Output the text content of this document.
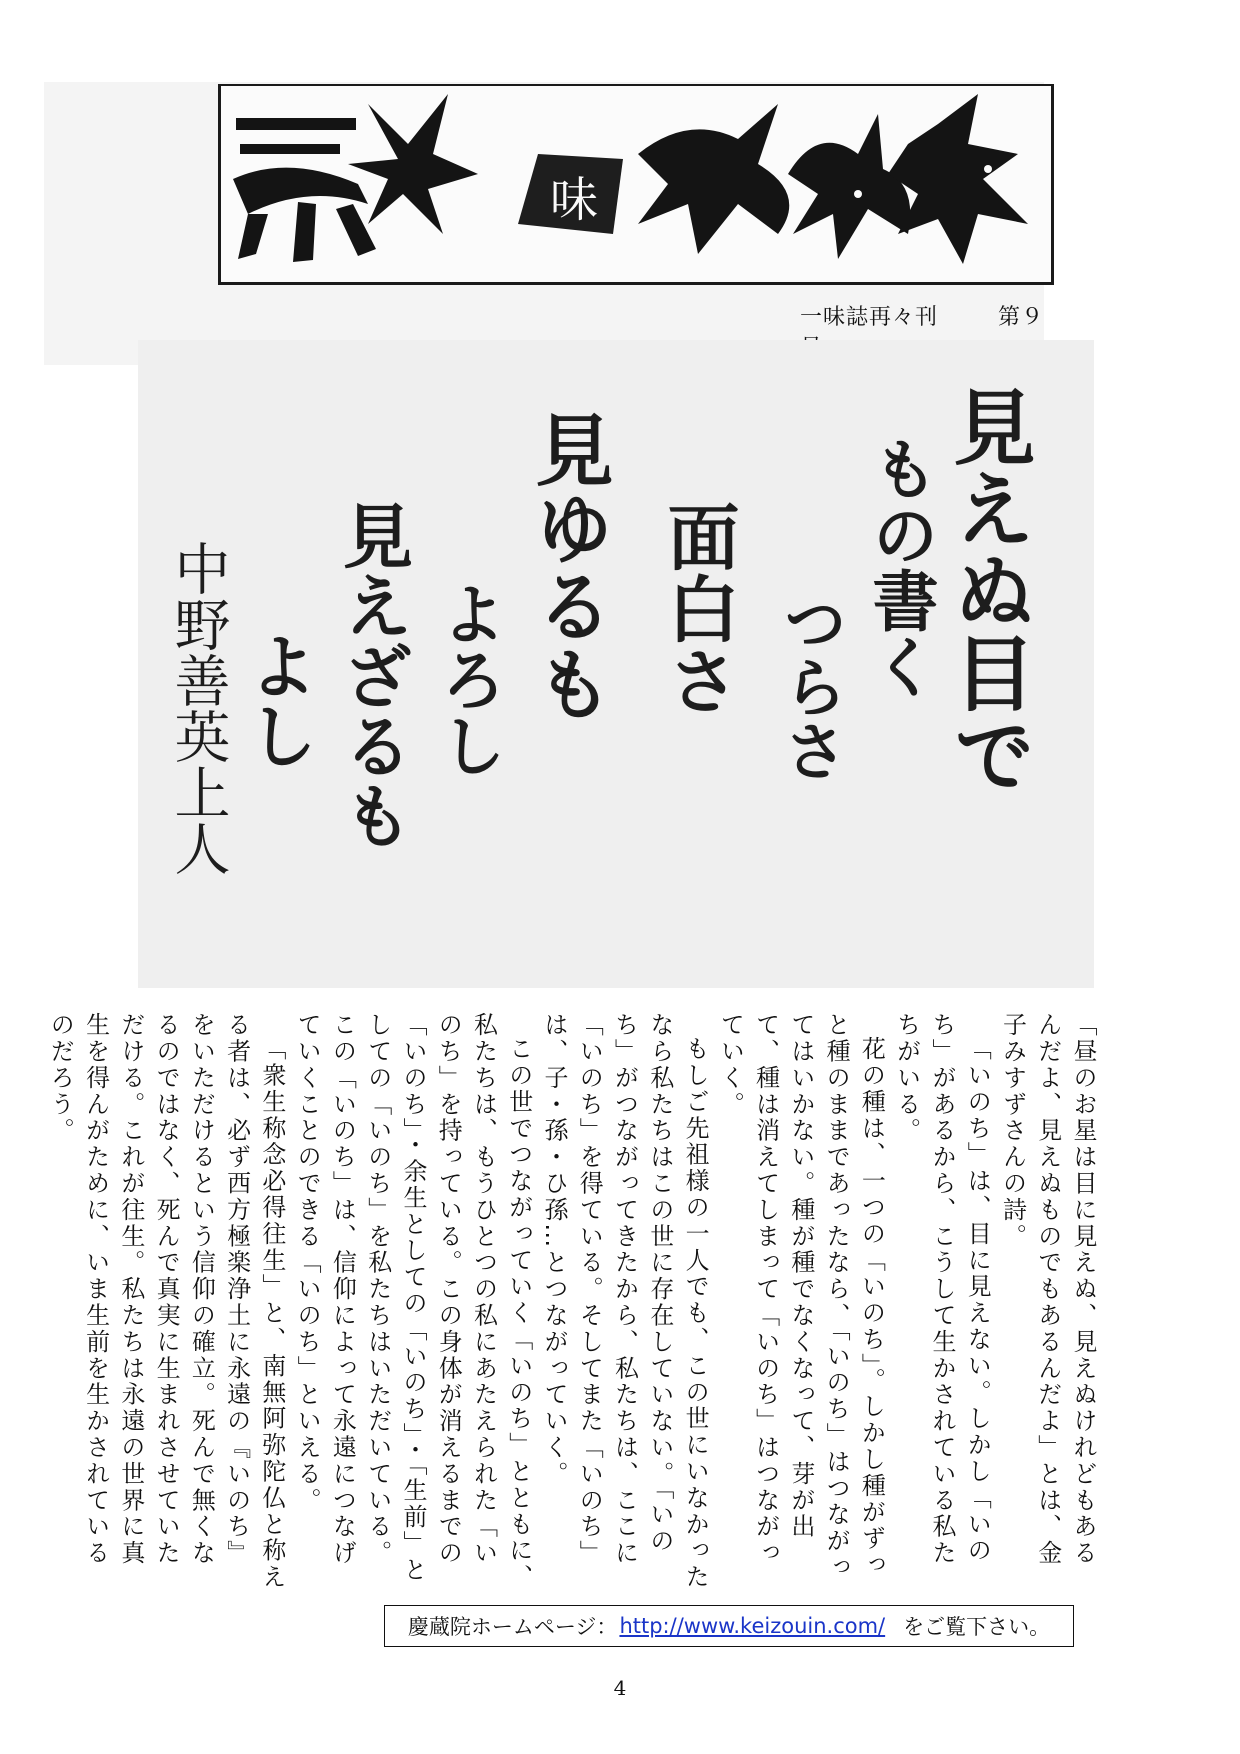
味
一味誌再々刊	第９
見えぬ目で
もの書く
つらさ
面白さ
見ゆるも
よろし
見えざるも
よし
中野善英上人

「昼のお星は目に見えぬ、見えぬけれどもあるんだよ、見えぬものでもあるんだよ」とは、金子みすずさんの詩。

「いのち」は、目に見えない。しかし「いのち」があるから、こうして生かされている私たちがいる。

花の種は、一つの「いのち」。しかし種がずっと種のままであったなら、「いのち」はつながってはいかない。種が種でなくなって、芽が出て、種は消えてしまって「いのち」はつながっていく。

もしご先祖様の一人でも、この世にいなかったなら私たちはこの世に存在していない。「いのち」がつながってきたから、私たちは、ここに「いのち」を得ている。そしてまた「いのち」は、子・孫・ひ孫…とつながっていく。

この世でつながっていく「いのち」とともに、私たちは、もうひとつの私にあたえられた「いのち」を持っている。この身体が消えるまでの「いのち」・余生としての「いのち」・「生前」としての「いのち」を私たちはいただいている。この「いのち」は、信仰によって永遠につなげていくことのできる「いのち」といえる。

「衆生称念必得往生」と、南無阿弥陀仏と称える者は、必ず西方極楽浄土に永遠の『いのち』をいただけるという信仰の確立。死んで無くなるのではなく、死んで真実に生まれさせていただける。これが往生。私たちは永遠の世界に真生を得んがために、いま生前を生かされているのだろう。

慶蔵院ホームページ： http://www.keizouin.com/ をご覧下さい。
4
